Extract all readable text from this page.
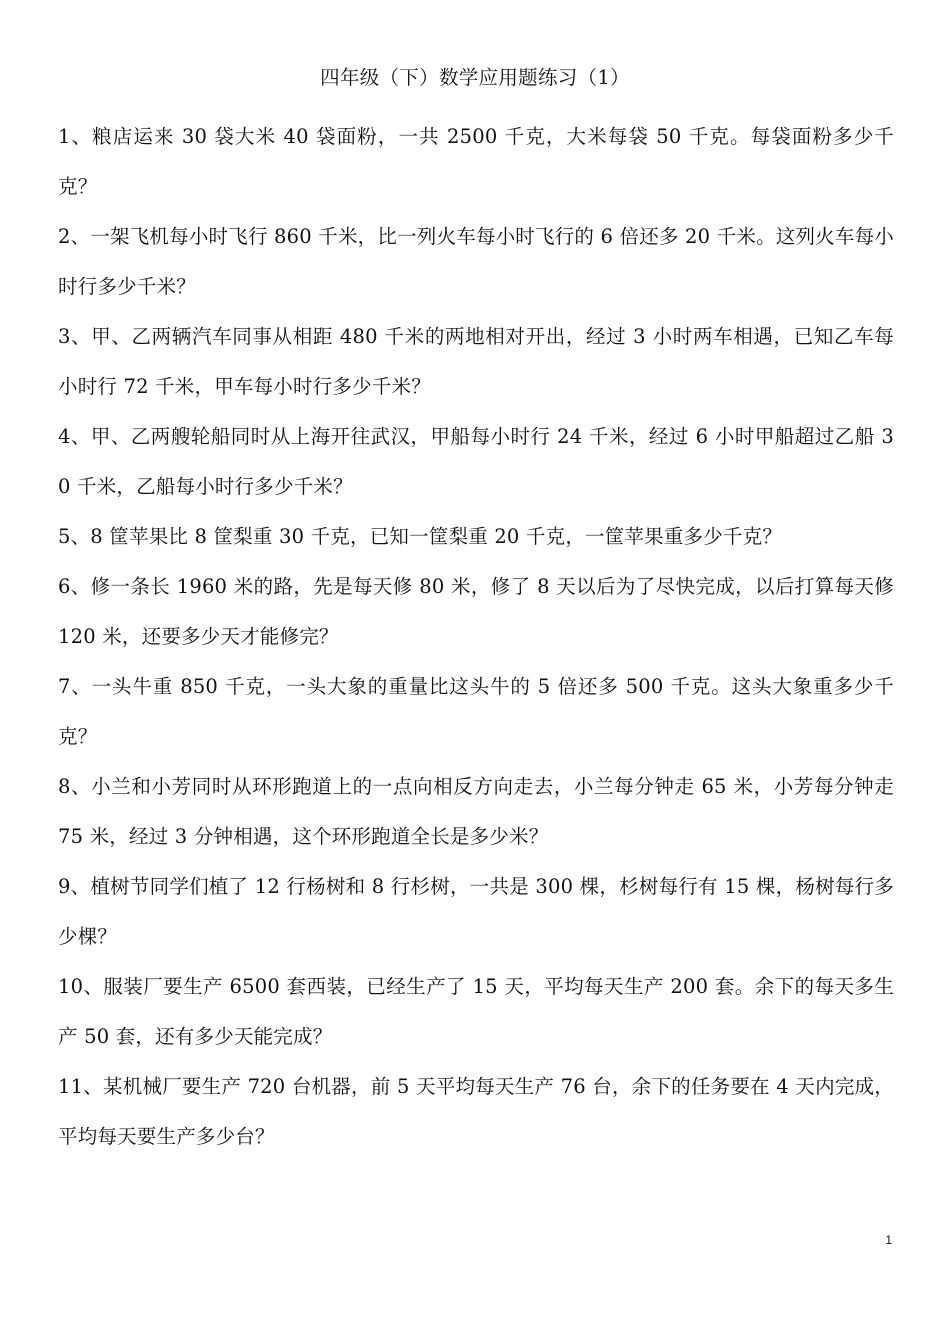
四年级（下）数学应用题练习（1）
1、粮店运来 30 袋大米 40 袋面粉，一共 2500 千克，大米每袋 50 千克。每袋面粉多少千克？
2、一架飞机每小时飞行 860 千米，比一列火车每小时飞行的 6 倍还多 20 千米。这列火车每小时行多少千米？
3、甲、乙两辆汽车同事从相距 480 千米的两地相对开出，经过 3 小时两车相遇，已知乙车每小时行 72 千米，甲车每小时行多少千米？
4、甲、乙两艘轮船同时从上海开往武汉，甲船每小时行 24 千米，经过 6 小时甲船超过乙船 30 千米，乙船每小时行多少千米？
5、8 筐苹果比 8 筐梨重 30 千克，已知一筐梨重 20 千克，一筐苹果重多少千克？
6、修一条长 1960 米的路，先是每天修 80 米，修了 8 天以后为了尽快完成，以后打算每天修 120 米，还要多少天才能修完？
7、一头牛重 850 千克，一头大象的重量比这头牛的 5 倍还多 500 千克。这头大象重多少千克？
8、小兰和小芳同时从环形跑道上的一点向相反方向走去，小兰每分钟走 65 米，小芳每分钟走 75 米，经过 3 分钟相遇，这个环形跑道全长是多少米？
9、植树节同学们植了 12 行杨树和 8 行杉树，一共是 300 棵，杉树每行有 15 棵，杨树每行多少棵？
10、服装厂要生产 6500 套西装，已经生产了 15 天，平均每天生产 200 套。余下的每天多生产 50 套，还有多少天能完成？
11、某机械厂要生产 720 台机器，前 5 天平均每天生产 76 台，余下的任务要在 4 天内完成，平均每天要生产多少台？
1
